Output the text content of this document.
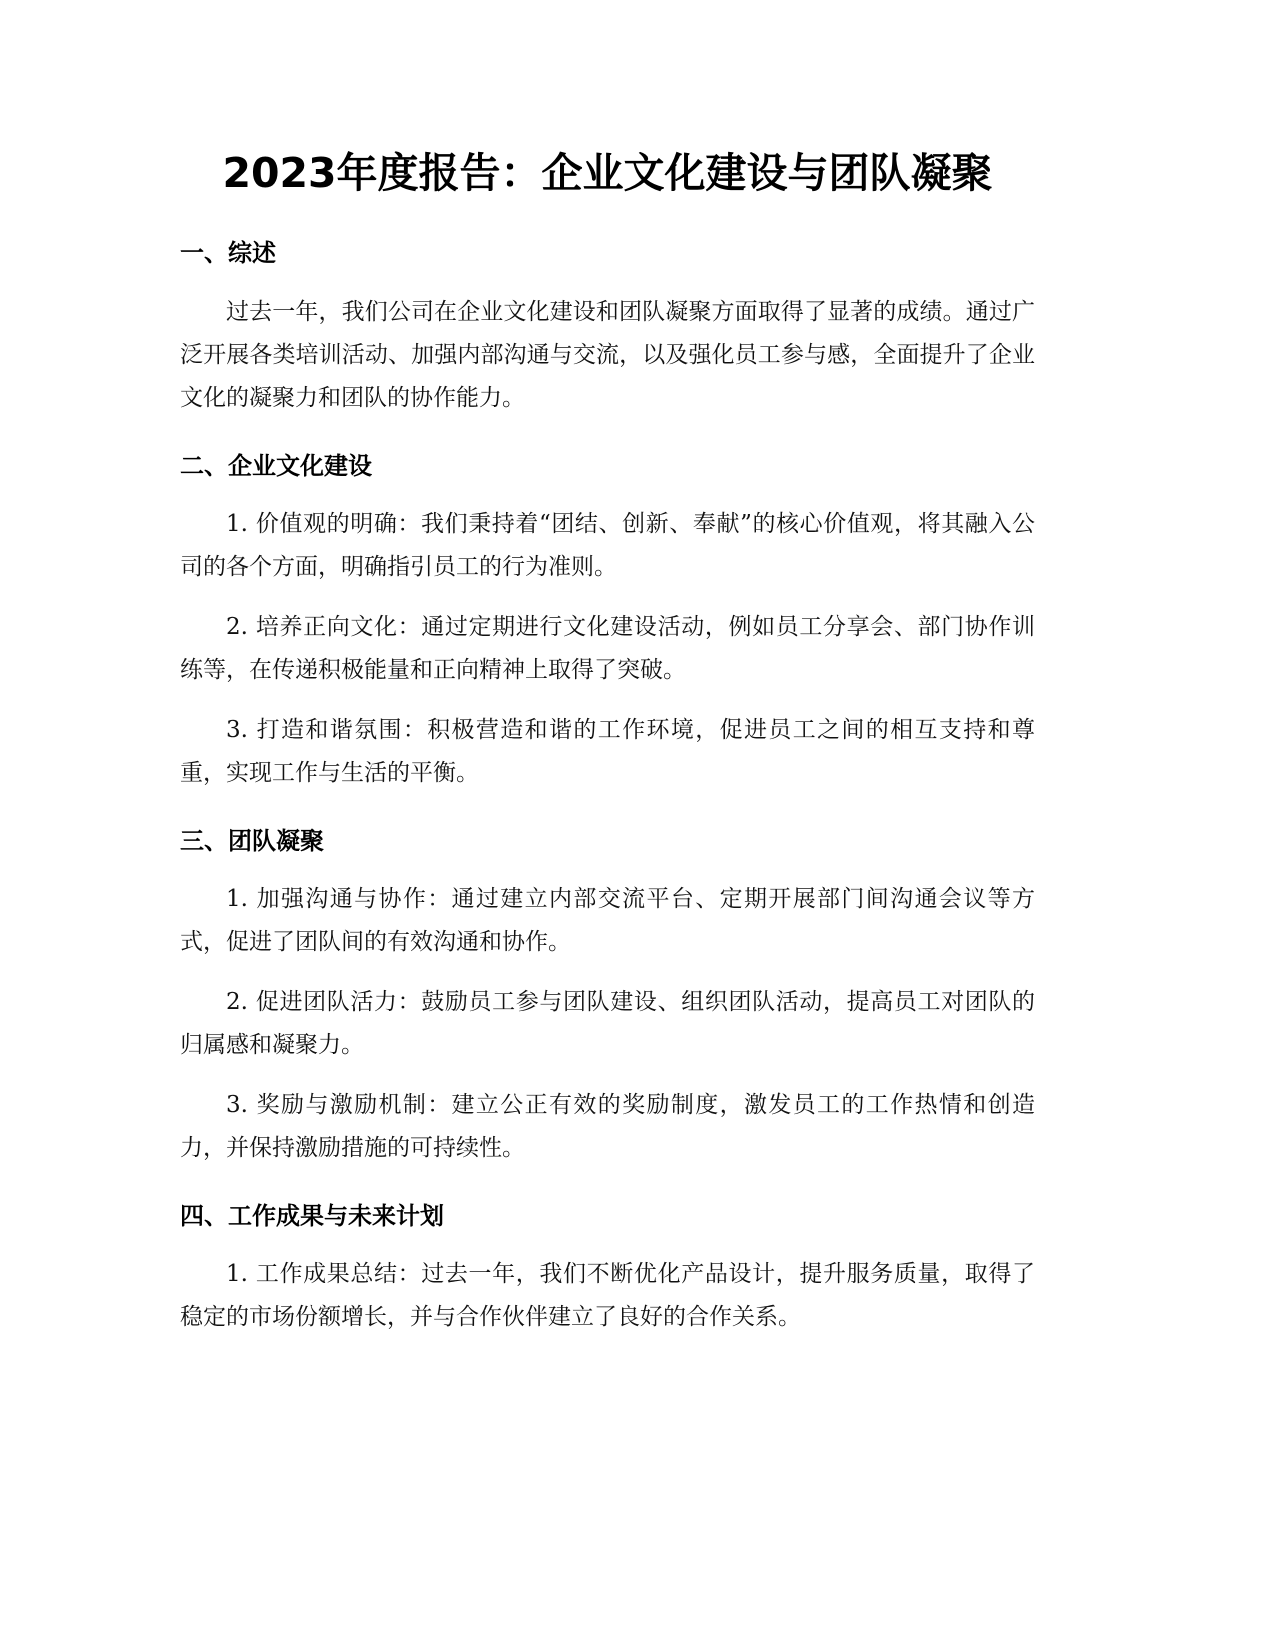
2023年度报告：企业文化建设与团队凝聚
一、综述

过去一年，我们公司在企业文化建设和团队凝聚方面取得了显著的成绩。通过广泛开展各类培训活动、加强内部沟通与交流，以及强化员工参与感，全面提升了企业文化的凝聚力和团队的协作能力。

二、企业文化建设

1. 价值观的明确：我们秉持着“团结、创新、奉献”的核心价值观，将其融入公司的各个方面，明确指引员工的行为准则。

2. 培养正向文化：通过定期进行文化建设活动，例如员工分享会、部门协作训练等，在传递积极能量和正向精神上取得了突破。

3. 打造和谐氛围：积极营造和谐的工作环境，促进员工之间的相互支持和尊重，实现工作与生活的平衡。

三、团队凝聚

1. 加强沟通与协作：通过建立内部交流平台、定期开展部门间沟通会议等方式，促进了团队间的有效沟通和协作。

2. 促进团队活力：鼓励员工参与团队建设、组织团队活动，提高员工对团队的归属感和凝聚力。

3. 奖励与激励机制：建立公正有效的奖励制度，激发员工的工作热情和创造力，并保持激励措施的可持续性。

四、工作成果与未来计划

1. 工作成果总结：过去一年，我们不断优化产品设计，提升服务质量，取得了稳定的市场份额增长，并与合作伙伴建立了良好的合作关系。
